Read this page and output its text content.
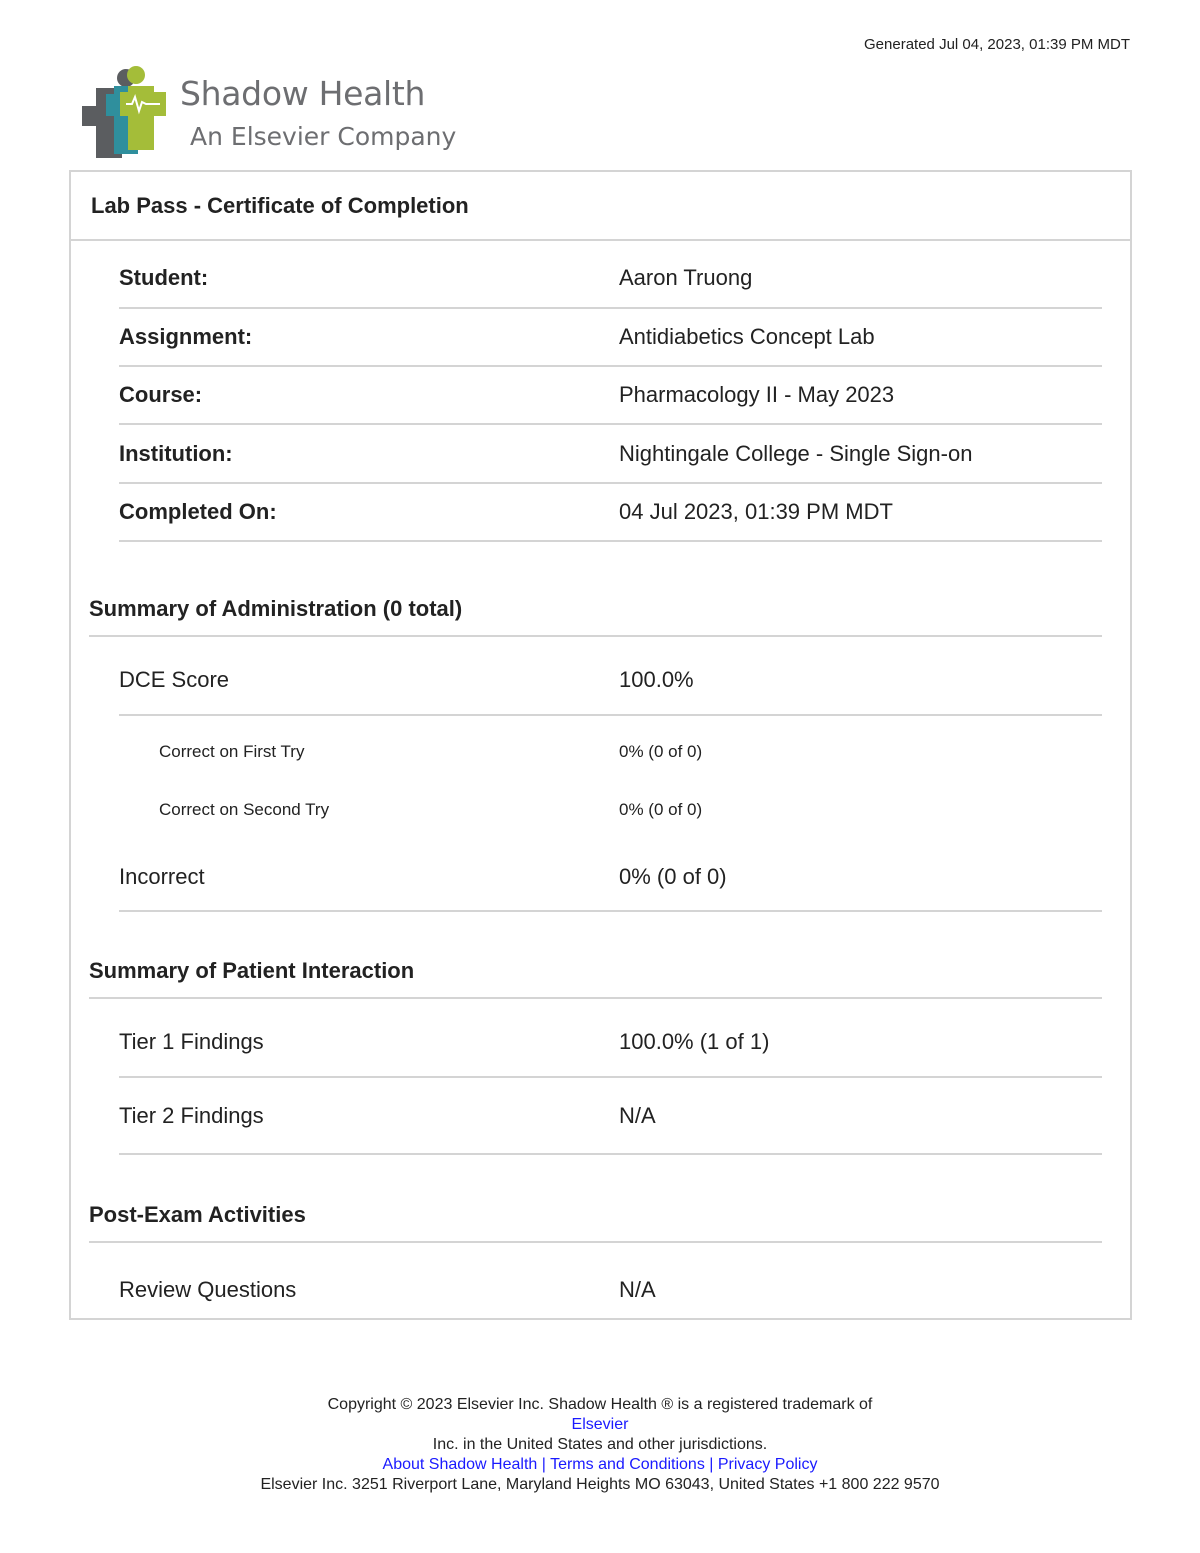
Generated Jul 04, 2023, 01:39 PM MDT
Shadow Health
An Elsevier Company
Lab Pass - Certificate of Completion
Student:	Aaron Truong
Assignment:	Antidiabetics Concept Lab
Course:	Pharmacology II - May 2023
Institution:	Nightingale College - Single Sign-on
Completed On:	04 Jul 2023, 01:39 PM MDT
Summary of Administration (0 total)
DCE Score	100.0%
Correct on First Try	0% (0 of 0)
Correct on Second Try	0% (0 of 0)
Incorrect	0% (0 of 0)
Summary of Patient Interaction
Tier 1 Findings	100.0% (1 of 1)
Tier 2 Findings	N/A
Post-Exam Activities
Review Questions	N/A
Copyright © 2023 Elsevier Inc. Shadow Health ® is a registered trademark of
Elsevier
Inc. in the United States and other jurisdictions.
About Shadow Health | Terms and Conditions | Privacy Policy
Elsevier Inc. 3251 Riverport Lane, Maryland Heights MO 63043, United States +1 800 222 9570
